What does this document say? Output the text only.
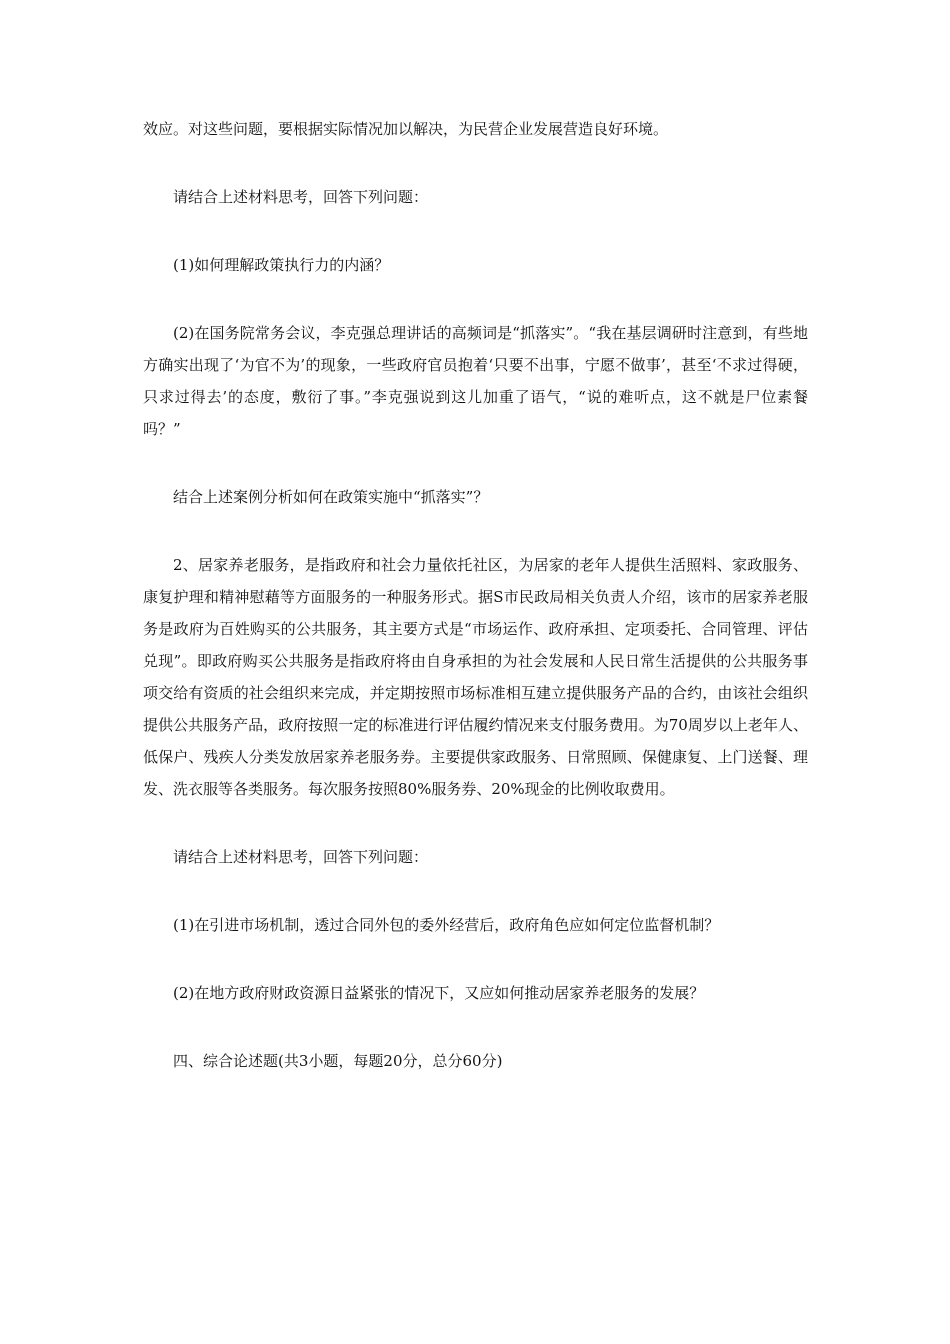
效应。对这些问题，要根据实际情况加以解决，为民营企业发展营造良好环境。

请结合上述材料思考，回答下列问题：

(1)如何理解政策执行力的内涵？

(2)在国务院常务会议，李克强总理讲话的高频词是“抓落实”。“我在基层调研时注意到，有些地方确实出现了‘为官不为’的现象，一些政府官员抱着‘只要不出事，宁愿不做事’，甚至‘不求过得硬，只求过得去’的态度，敷衍了事。”李克强说到这儿加重了语气，“说的难听点，这不就是尸位素餐吗？”

结合上述案例分析如何在政策实施中“抓落实”？

2、居家养老服务，是指政府和社会力量依托社区，为居家的老年人提供生活照料、家政服务、康复护理和精神慰藉等方面服务的一种服务形式。据S市民政局相关负责人介绍，该市的居家养老服务是政府为百姓购买的公共服务，其主要方式是“市场运作、政府承担、定项委托、合同管理、评估兑现”。即政府购买公共服务是指政府将由自身承担的为社会发展和人民日常生活提供的公共服务事项交给有资质的社会组织来完成，并定期按照市场标准相互建立提供服务产品的合约，由该社会组织提供公共服务产品，政府按照一定的标准进行评估履约情况来支付服务费用。为70周岁以上老年人、低保户、残疾人分类发放居家养老服务券。主要提供家政服务、日常照顾、保健康复、上门送餐、理发、洗衣服等各类服务。每次服务按照80%服务券、20%现金的比例收取费用。

请结合上述材料思考，回答下列问题：

(1)在引进市场机制，透过合同外包的委外经营后，政府角色应如何定位监督机制？

(2)在地方政府财政资源日益紧张的情况下，又应如何推动居家养老服务的发展？

四、综合论述题(共3小题，每题20分，总分60分)
